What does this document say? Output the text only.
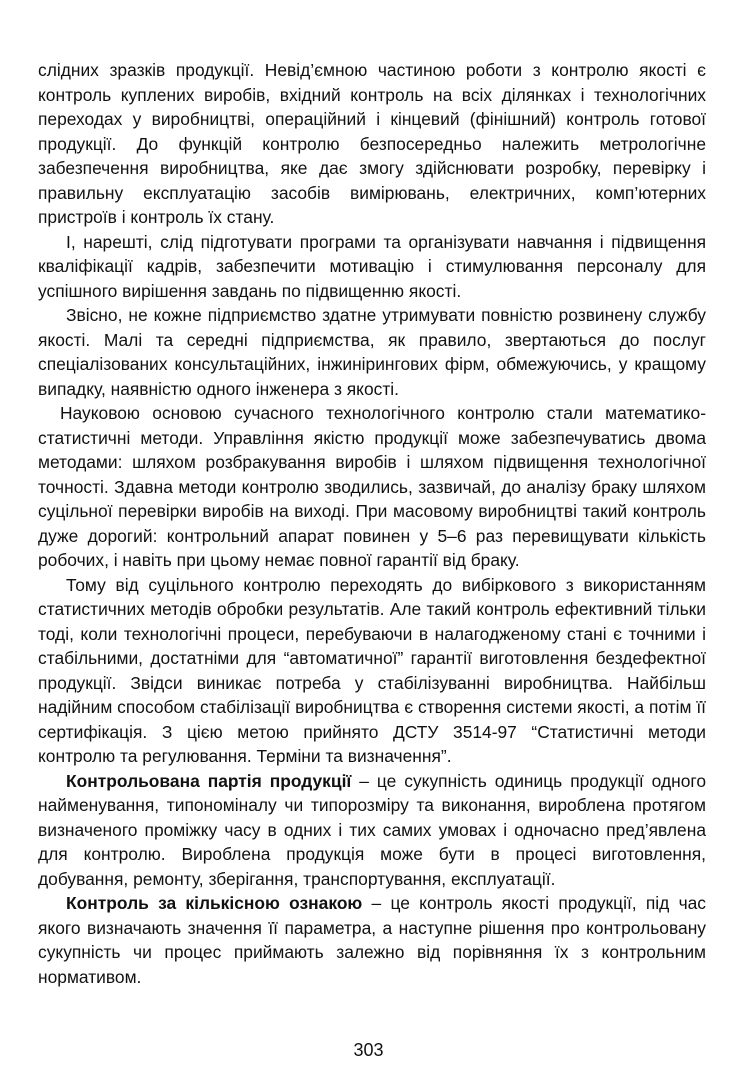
слідних зразків продукції. Невід’ємною частиною роботи з контролю якості є контроль куплених виробів, вхідний контроль на всіх ділянках і технологічних переходах у виробництві, операційний і кінцевий (фінішний) контроль готової продукції. До функцій контролю безпосередньо належить метрологічне забезпечення виробництва, яке дає змогу здійснювати розробку, перевірку і правильну експлуатацію засобів вимірювань, електричних, комп’ютерних пристроїв і контроль їх стану.

І, нарешті, слід підготувати програми та організувати навчання і підвищення кваліфікації кадрів, забезпечити мотивацію і стимулювання персоналу для успішного вирішення завдань по підвищенню якості.

Звісно, не кожне підприємство здатне утримувати повністю розвинену службу якості. Малі та середні підприємства, як правило, звертаються до послуг спеціалізованих консультаційних, інжинірингових фірм, обмежуючись, у кращому випадку, наявністю одного інженера з якості.

Науковою основою сучасного технологічного контролю стали математико-статистичні методи. Управління якістю продукції може забезпечуватись двома методами: шляхом розбракування виробів і шляхом підвищення технологічної точності. Здавна методи контролю зводились, зазвичай, до аналізу браку шляхом суцільної перевірки виробів на виході. При масовому виробництві такий контроль дуже дорогий: контрольний апарат повинен у 5–6 раз перевищувати кількість робочих, і навіть при цьому немає повної гарантії від браку.

Тому від суцільного контролю переходять до вибіркового з використанням статистичних методів обробки результатів. Але такий контроль ефективний тільки тоді, коли технологічні процеси, перебуваючи в налагодженому стані є точними і стабільними, достатніми для “автоматичної” гарантії виготовлення бездефектної продукції. Звідси виникає потреба у стабілізуванні виробництва. Найбільш надійним способом стабілізації виробництва є створення системи якості, а потім її сертифікація. З цією метою прийнято ДСТУ 3514-97 “Статистичні методи контролю та регулювання. Терміни та визначення”.

Контрольована партія продукції – це сукупність одиниць продукції одного найменування, типономіналу чи типорозміру та виконання, вироблена протягом визначеного проміжку часу в одних і тих самих умовах і одночасно пред’явлена для контролю. Вироблена продукція може бути в процесі виготовлення, добування, ремонту, зберігання, транспортування, експлуатації.

Контроль за кількісною ознакою – це контроль якості продукції, під час якого визначають значення її параметра, а наступне рішення про контрольовану сукупність чи процес приймають залежно від порівняння їх з контрольним нормативом.

303
